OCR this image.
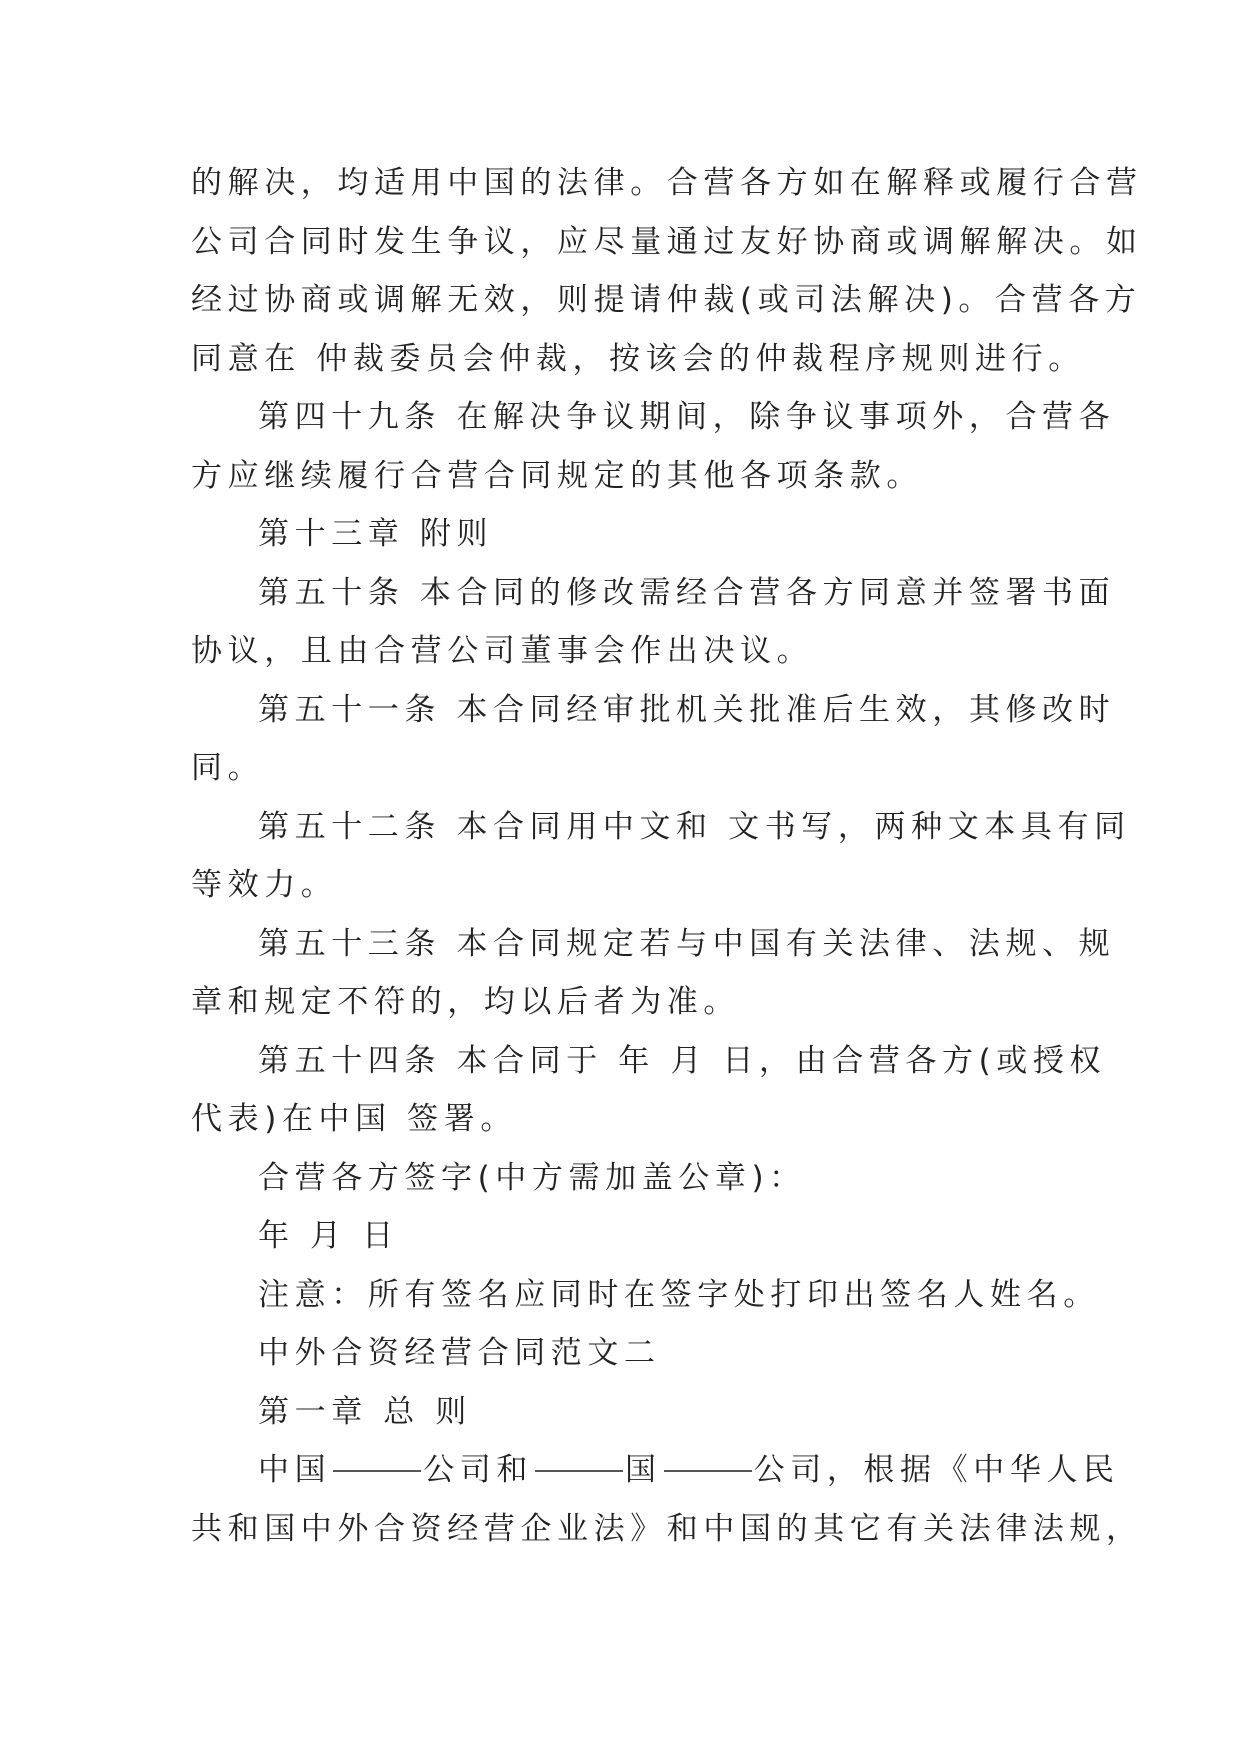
的解决，均适用中国的法律。合营各方如在解释或履行合营
公司合同时发生争议，应尽量通过友好协商或调解解决。如
经过协商或调解无效，则提请仲裁(或司法解决)。合营各方
同意在 仲裁委员会仲裁，按该会的仲裁程序规则进行。
第四十九条 在解决争议期间，除争议事项外，合营各
方应继续履行合营合同规定的其他各项条款。
第十三章 附则
第五十条 本合同的修改需经合营各方同意并签署书面
协议，且由合营公司董事会作出决议。
第五十一条 本合同经审批机关批准后生效，其修改时
同。
第五十二条 本合同用中文和 文书写，两种文本具有同
等效力。
第五十三条 本合同规定若与中国有关法律、法规、规
章和规定不符的，均以后者为准。
第五十四条 本合同于 年 月 日，由合营各方(或授权
代表)在中国 签署。
合营各方签字(中方需加盖公章)：
年 月 日
注意：所有签名应同时在签字处打印出签名人姓名。
中外合资经营合同范文二
第一章 总 则
中国	公司和	国	公司，根据《中华人民
共和国中外合资经营企业法》和中国的其它有关法律法规，
